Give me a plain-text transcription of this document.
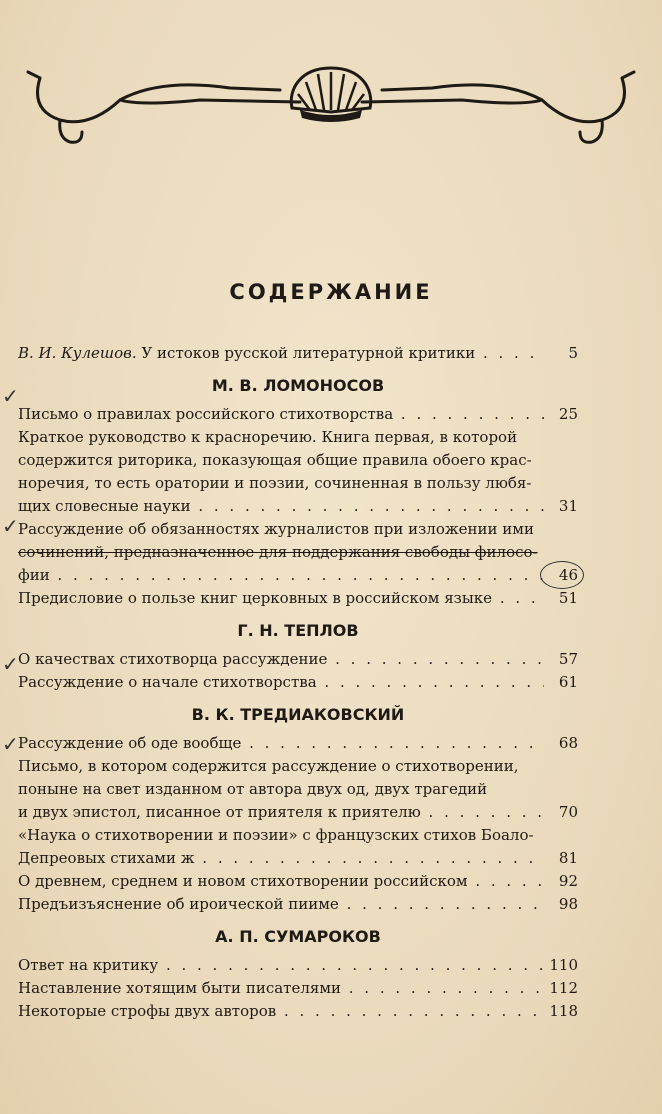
СОДЕРЖАНИЕ
В. И. Кулешов. У истоков русской литературной критики . . .	5
М. В. ЛОМОНОСОВ
Письмо о правилах российского стихотворства . . .	25
Краткое руководство к красноречию. Книга первая, в которой
содержится риторика, показующая общие правила обоего крас-
норечия, то есть оратории и поэзии, сочиненная в пользу любя-
щих словесные науки . . .	31
Рассуждение об обязанностях журналистов при изложении ими
сочинений, предназначенное для поддержания свободы филосо-
фии . . .	46
Предисловие о пользе книг церковных в российском языке . . .	51
Г. Н. ТЕПЛОВ
О качествах стихотворца рассуждение . . .	57
Рассуждение о начале стихотворства . . .	61
В. К. ТРЕДИАКОВСКИЙ
Рассуждение об оде вообще . . .	68
Письмо, в котором содержится рассуждение о стихотворении,
поныне на свет изданном от автора двух од, двух трагедий
и двух эпистол, писанное от приятеля к приятелю . . .	70
«Наука о стихотворении и поэзии» с французских стихов Боало-
Депреовых стихами ж . . .	81
О древнем, среднем и новом стихотворении российском . . .	92
Предъизъяснение об ироической пииме . . .	98
А. П. СУМАРОКОВ
Ответ на критику . . .	110
Наставление хотящим быти писателями . . .	112
Некоторые строфы двух авторов . . .	118
✓
✓
✓
✓
